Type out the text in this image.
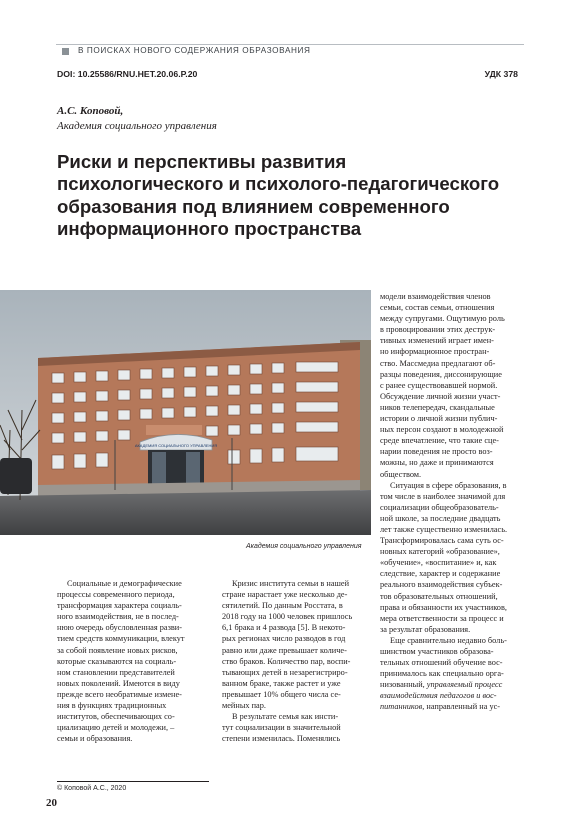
В ПОИСКАХ НОВОГО СОДЕРЖАНИЯ ОБРАЗОВАНИЯ
DOI: 10.25586/RNU.HET.20.06.P.20	УДК 378
А.С. Коповой,
Академия социального управления
Риски и перспективы развития
психологического и психолого-педагогического
образования под влиянием современного
информационного пространства
АКАДЕМИЯ СОЦИАЛЬНОГО УПРАВЛЕНИЯ
Академия социального управления
Социальные и демографические
процессы современного периода,
трансформация характера социаль-
ного взаимодействия, не в послед-
нюю очередь обусловленная разви-
тием средств коммуникации, влекут
за собой появление новых рисков,
которые сказываются на социаль-
ном становлении представителей
новых поколений. Имеются в виду
прежде всего необратимые измене-
ния в функциях традиционных
институтов, обеспечивающих со-
циализацию детей и молодежи, –
семьи и образования.
Кризис института семьи в нашей
стране нарастает уже несколько де-
сятилетий. По данным Росстата, в
2018 году на 1000 человек пришлось
6,1 брака и 4 развода [5]. В некото-
рых регионах число разводов в год
равно или даже превышает количе-
ство браков. Количество пар, воспи-
тывающих детей в незарегистриро-
ванном браке, также растет и уже
превышает 10% общего числа се-
мейных пар.
В результате семья как инсти-
тут социализации в значительной
степени изменилась. Поменялись
модели взаимодействия членов
семьи, состав семьи, отношения
между супругами. Ощутимую роль
в провоцировании этих деструк-
тивных изменений играет имен-
но информационное простран-
ство. Массмедиа предлагают об-
разцы поведения, диссонирующие
с ранее существовавшей нормой.
Обсуждение личной жизни участ-
ников телепередач, скандальные
истории о личной жизни публич-
ных персон создают в молодежной
среде впечатление, что такие сце-
нарии поведения не просто воз-
можны, но даже и принимаются
обществом.
Ситуация в сфере образования, в
том числе в наиболее значимой для
социализации общеобразователь-
ной школе, за последние двадцать
лет также существенно изменилась.
Трансформировалась сама суть ос-
новных категорий «образование»,
«обучение», «воспитание» и, как
следствие, характер и содержание
реального взаимодействия субъек-
тов образовательных отношений,
права и обязанности их участников,
мера ответственности за процесс и
за результат образования.
Еще сравнительно недавно боль-
шинством участников образова-
тельных отношений обучение вос-
принималось как специально орга-
низованный, управляемый процесс
взаимодействия педагогов и вос-
питанников, направленный на ус-
© Коповой А.С., 2020
20
